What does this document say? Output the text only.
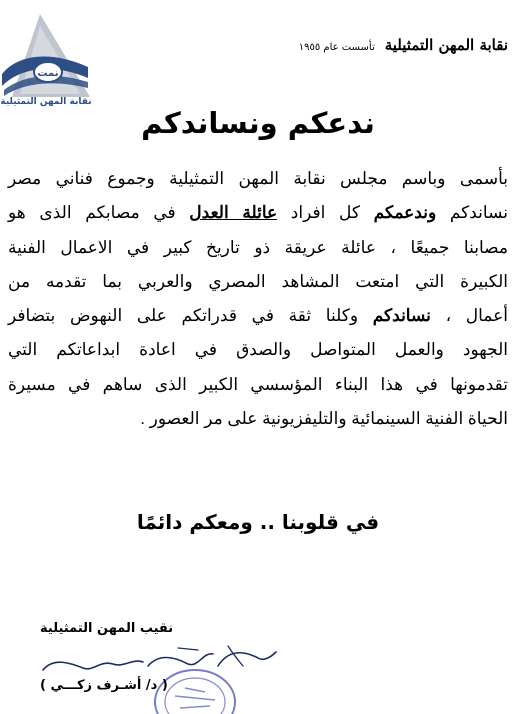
نمت
نقابة المهن التمثيلية
نقابة المهن التمثيلية
تأسست عام ١٩٥٥
ندعكم ونساندكم
بأسمى وباسم مجلس نقابة المهن التمثيلية وجموع فناني مصر
نساندكم وندعمكم كل افراد عائلة العدل في مصابكم الذى هو
مصابنا جميعًا ، عائلة عريقة ذو تاريخ كبير في الاعمال الفنية
الكبيرة التي امتعت المشاهد المصري والعربي بما تقدمه من
أعمال ، نساندكم وكلنا ثقة في قدراتكم على النهوض بتضافر
الجهود والعمل المتواصل والصدق في اعادة ابداعاتكم التي
تقدمونها في هذا البناء المؤسسي الكبير الذى ساهم في مسيرة
الحياة الفنية السينمائية والتليفزيونية على مر العصور .
في قلوبنا .. ومعكم دائمًا
نقيب المهن التمثيلية
( د/ أشـرف زكـــي )
